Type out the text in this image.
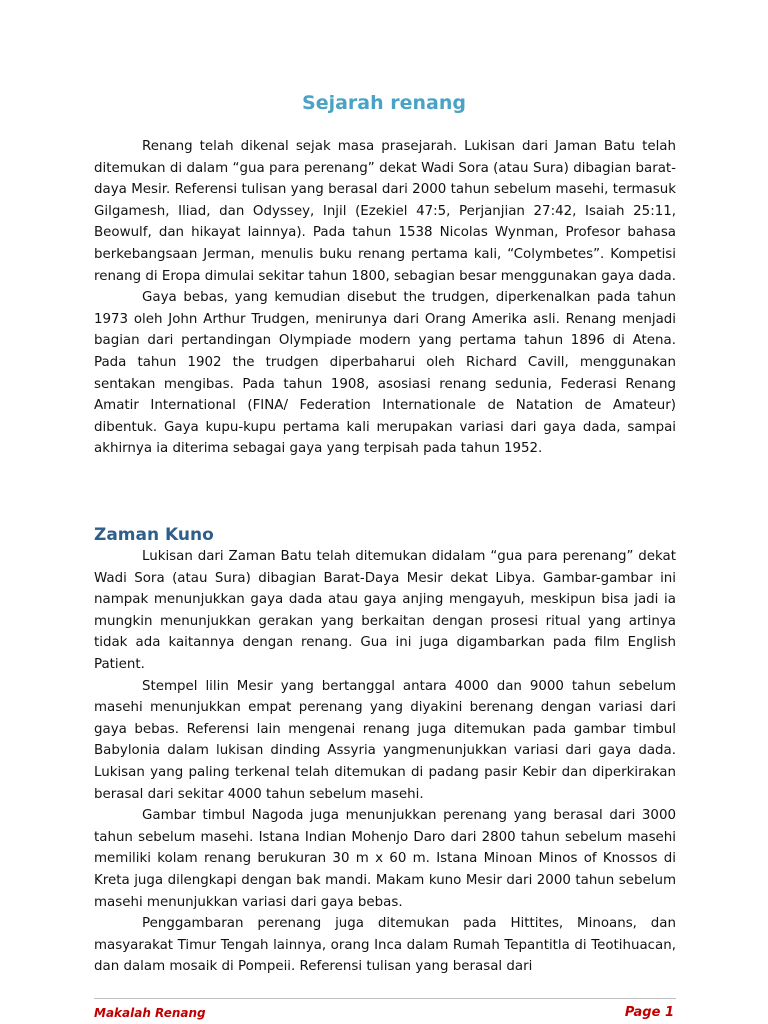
Sejarah renang

Renang telah dikenal sejak masa prasejarah. Lukisan dari Jaman Batu telah ditemukan di dalam “gua para perenang” dekat Wadi Sora (atau Sura) dibagian barat-daya Mesir. Referensi tulisan yang berasal dari 2000 tahun sebelum masehi, termasuk Gilgamesh, Iliad, dan Odyssey, Injil (Ezekiel 47:5, Perjanjian 27:42, Isaiah 25:11, Beowulf, dan hikayat lainnya). Pada tahun 1538 Nicolas Wynman, Profesor bahasa berkebangsaan Jerman, menulis buku renang pertama kali, “Colymbetes”. Kompetisi renang di Eropa dimulai sekitar tahun 1800, sebagian besar menggunakan gaya dada.

Gaya bebas, yang kemudian disebut the trudgen, diperkenalkan pada tahun 1973 oleh John Arthur Trudgen, menirunya dari Orang Amerika asli. Renang menjadi bagian dari pertandingan Olympiade modern yang pertama tahun 1896 di Atena. Pada tahun 1902 the trudgen diperbaharui oleh Richard Cavill, menggunakan sentakan mengibas. Pada tahun 1908, asosiasi renang sedunia, Federasi Renang Amatir International (FINA/ Federation Internationale de Natation de Amateur) dibentuk. Gaya kupu-kupu pertama kali merupakan variasi dari gaya dada, sampai akhirnya ia diterima sebagai gaya yang terpisah pada tahun 1952.

Zaman Kuno

Lukisan dari Zaman Batu telah ditemukan didalam “gua para perenang” dekat Wadi Sora (atau Sura) dibagian Barat-Daya Mesir dekat Libya. Gambar-gambar ini nampak menunjukkan gaya dada atau gaya anjing mengayuh, meskipun bisa jadi ia mungkin menunjukkan gerakan yang berkaitan dengan prosesi ritual yang artinya tidak ada kaitannya dengan renang. Gua ini juga digambarkan pada film English Patient.

Stempel lilin Mesir yang bertanggal antara 4000 dan 9000 tahun sebelum masehi menunjukkan empat perenang yang diyakini berenang dengan variasi dari gaya bebas. Referensi lain mengenai renang juga ditemukan pada gambar timbul Babylonia dalam lukisan dinding Assyria yangmenunjukkan variasi dari gaya dada. Lukisan yang paling terkenal telah ditemukan di padang pasir Kebir dan diperkirakan berasal dari sekitar 4000 tahun sebelum masehi.

Gambar timbul Nagoda juga menunjukkan perenang yang berasal dari 3000 tahun sebelum masehi. Istana Indian Mohenjo Daro dari 2800 tahun sebelum masehi memiliki kolam renang berukuran 30 m x 60 m. Istana Minoan Minos of Knossos di Kreta juga dilengkapi dengan bak mandi. Makam kuno Mesir dari 2000 tahun sebelum masehi menunjukkan variasi dari gaya bebas.

Penggambaran perenang juga ditemukan pada Hittites, Minoans, dan masyarakat Timur Tengah lainnya, orang Inca dalam Rumah Tepantitla di Teotihuacan, dan dalam mosaik di Pompeii. Referensi tulisan yang berasal dari

Makalah Renang	Page 1
